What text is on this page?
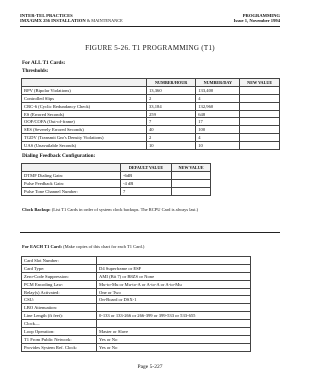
INTER-TEL PRACTICES
IMX/GMX 256 INSTALLATION & MAINTENANCE
PROGRAMMING
Issue 1, November 1994
FIGURE 5-26. T1 PROGRAMMING (T1)
For ALL T1 Cards:
Thresholds:
	NUMBER/HOUR	NUMBER/DAY	NEW VALUE
BPV (Bipolar Violations)	13,360	133,400	
Controlled Slips	2	4	
CRC-6 (Cyclic Redundancy Check)	33,184	132,960	
ES (Errored Seconds)	259	648	
OOF/COFA (Out-of-frame)	7	17	
SES (Severely Errored Seconds)	40	100	
TGDV (Transmit Gnr's Density Violations)	2	4	
UAS (Unavailable Seconds)	10	10	
Dialing Feedback Configuration:
	DEFAULT VALUE	NEW VALUE
DTMF Dialing Gain:	-6dB	
Pulse Feedback Gain:	-4 dB	
Pulse Tone Channel Number:	7	
Clock Backup: (List T1 Cards in order of system clock backups. The RCPU Card is always last.)
For EACH T1 Card: (Make copies of this chart for each T1 Card.)
Card Slot Number:	
Card Type:	D4 Superframe or ESF
Zero-Code Suppression:	AMI (Bit 7) or B8ZS or None
PCM Encoding Law:	Mu-to-Mu or Mu-to-A or A-to-A or A-to-Mu
Relay(s) Activated:	One or Two
CSU:	On-Board or DSX-1
LBO Attenuation:	
Line Length (ft feet):	0-133 or 133-266 or 266-399 or 399-533 or 533-655
Clock—	
Loop Operation:	Master or Slave
T1 From Public Network:	Yes or No
Provides System Ref. Clock:	Yes or No
Page 5-227
